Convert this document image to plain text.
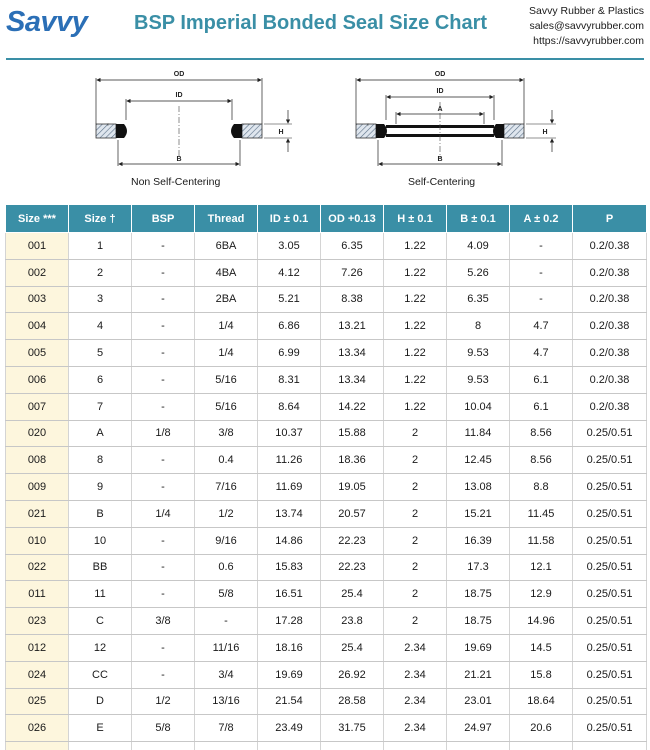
Savvy BSP Imperial Bonded Seal Size Chart
Savvy Rubber & Plastics
sales@savvyrubber.com
https://savvyrubber.com
OD
ID
H
T
B
OD
ID
A
H
T
B
Non Self-Centering	Self-Centering
Size ***	Size †	BSP	Thread	ID ± 0.1	OD +0.13	H ± 0.1	B ± 0.1	A ± 0.2	P
001	1	-	6BA	3.05	6.35	1.22	4.09	-	0.2/0.38
002	2	-	4BA	4.12	7.26	1.22	5.26	-	0.2/0.38
003	3	-	2BA	5.21	8.38	1.22	6.35	-	0.2/0.38
004	4	-	1/4	6.86	13.21	1.22	8	4.7	0.2/0.38
005	5	-	1/4	6.99	13.34	1.22	9.53	4.7	0.2/0.38
006	6	-	5/16	8.31	13.34	1.22	9.53	6.1	0.2/0.38
007	7	-	5/16	8.64	14.22	1.22	10.04	6.1	0.2/0.38
020	A	1/8	3/8	10.37	15.88	2	11.84	8.56	0.25/0.51
008	8	-	0.4	11.26	18.36	2	12.45	8.56	0.25/0.51
009	9	-	7/16	11.69	19.05	2	13.08	8.8	0.25/0.51
021	B	1/4	1/2	13.74	20.57	2	15.21	11.45	0.25/0.51
010	10	-	9/16	14.86	22.23	2	16.39	11.58	0.25/0.51
022	BB	-	0.6	15.83	22.23	2	17.3	12.1	0.25/0.51
011	11	-	5/8	16.51	25.4	2	18.75	12.9	0.25/0.51
023	C	3/8	-	17.28	23.8	2	18.75	14.96	0.25/0.51
012	12	-	11/16	18.16	25.4	2.34	19.69	14.5	0.25/0.51
024	CC	-	3/4	19.69	26.92	2.34	21.21	15.8	0.25/0.51
025	D	1/2	13/16	21.54	28.58	2.34	23.01	18.64	0.25/0.51
026	E	5/8	7/8	23.49	31.75	2.34	24.97	20.6	0.25/0.51
